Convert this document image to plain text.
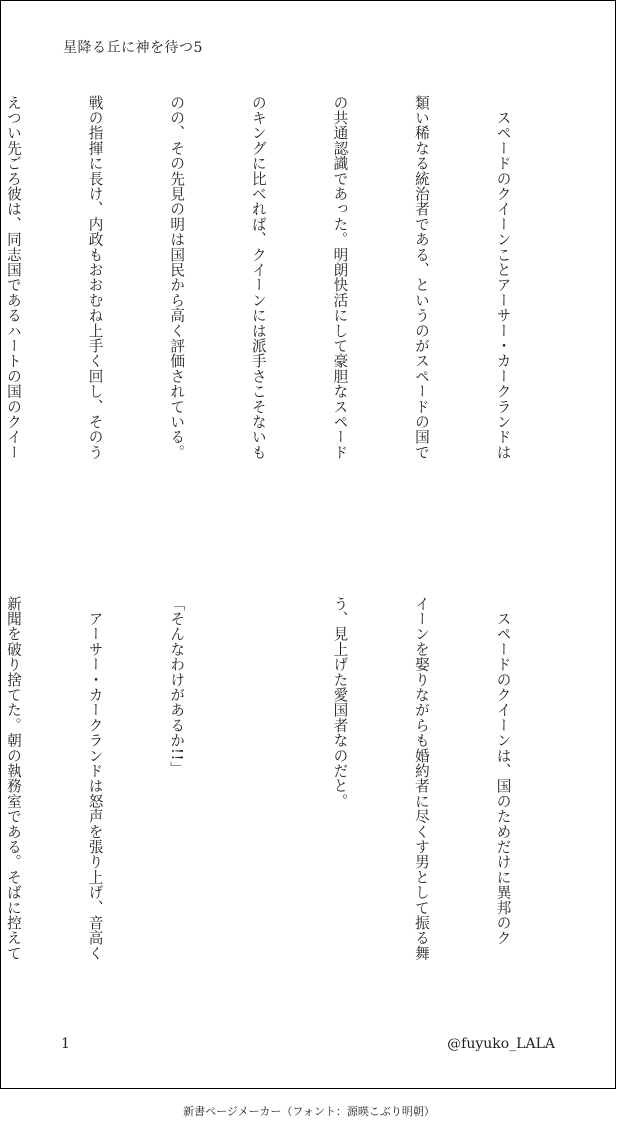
星降る丘に神を待つ5

　スペードのクイーンことアーサー・カークランドは

類い稀なる統治者である、というのがスペードの国で

の共通認識であった。明朗快活にして豪胆なスペード

のキングに比べれば、クイーンには派手さこそないも

のの、その先見の明は国民から高く評価されている。

戦の指揮に長け、内政もおおむね上手く回し、そのう

えつい先ごろ彼は、同志国であるハートの国のクイー

　スペードのクイーンは、国のためだけに異邦のク

イーンを娶りながらも婚約者に尽くす男として振る舞

う、見上げた愛国者なのだと。

「そんなわけがあるか!!」

　アーサー・カークランドは怒声を張り上げ、音高く

新聞を破り捨てた。朝の執務室である。そばに控えて

1	@fuyuko_LALA
新書ページメーカー（フォント：源暎こぶり明朝）
